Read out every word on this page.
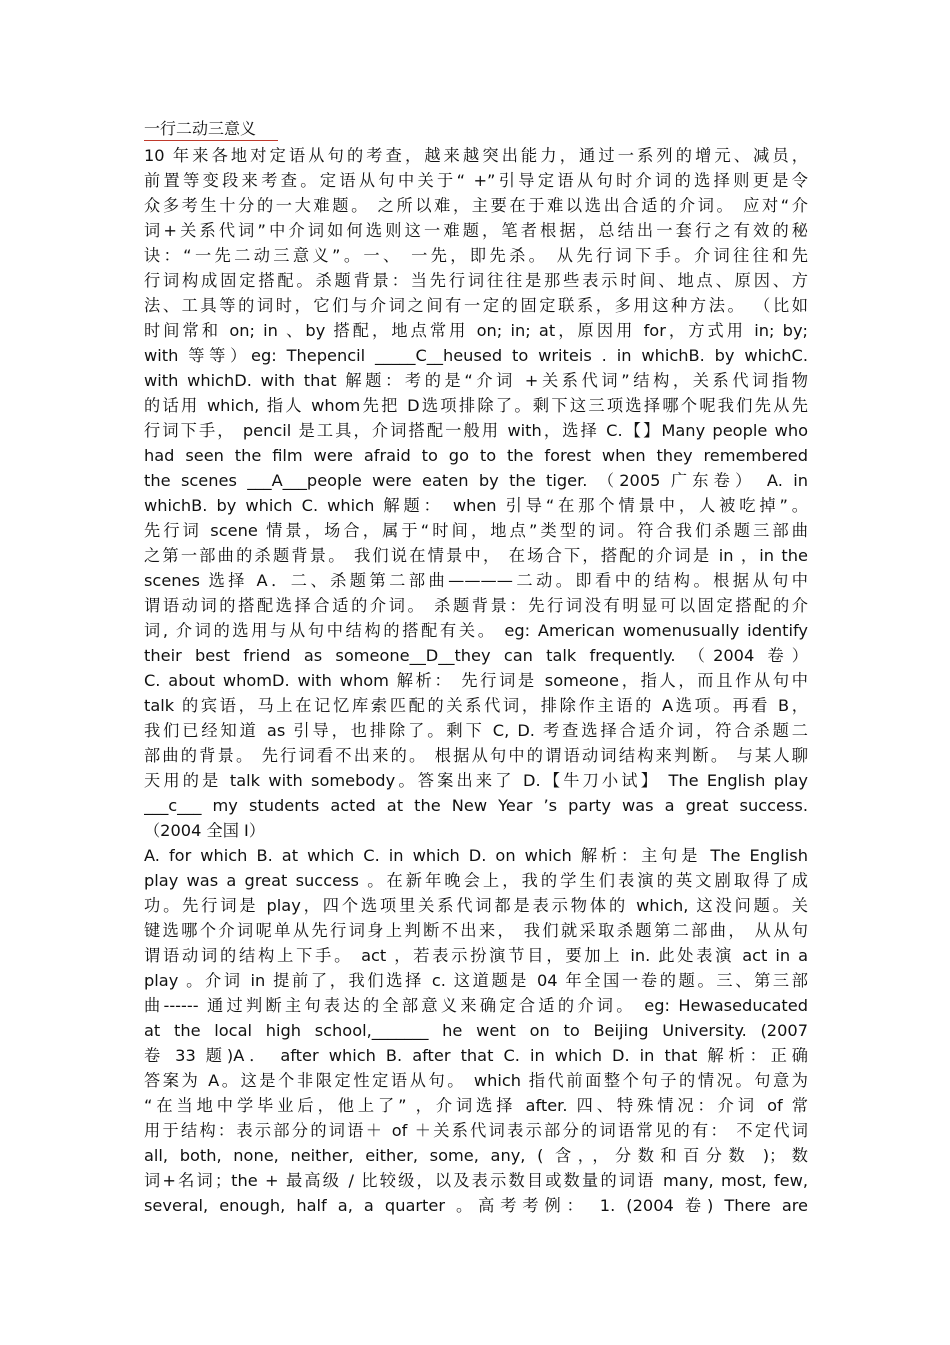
一行二动三意义
10 年来各地对定语从句的考查，越来越突出能力，通过一系列的增元、减员，
前置等变段来考查。定语从句中关于“ +”引导定语从句时介词的选择则更是令
众多考生十分的一大难题。 之所以难，主要在于难以选出合适的介词。 应对“介
词+关系代词”中介词如何选则这一难题，笔者根据，总结出一套行之有效的秘
诀：“一先二动三意义”。一、 一先，即先杀。 从先行词下手。介词往往和先
行词构成固定搭配。杀题背景：当先行词往往是那些表示时间、地点、原因、方
法、工具等的词时，它们与介词之间有一定的固定联系，多用这种方法。 （比如
时间常和 on; in 、by 搭配，地点常用 on; in; at，原因用 for，方式用 in; by;
with 等等）eg: Thepencil _____C__heused to writeis . in whichB. by whichC.
with whichD. with that 解题：考的是“介词 +关系代词”结构，关系代词指物
的话用 which, 指人 whom先把 D选项排除了。剩下这三项选择哪个呢我们先从先
行词下手， pencil 是工具，介词搭配一般用 with，选择 C.【】Many people who
had seen the film were afraid to go to the forest when they remembered
the scenes ___A___people were eaten by the tiger. （2005 广东卷） A. in
whichB. by which C. which 解题： when 引导“在那个情景中，人被吃掉”。
先行词 scene 情景，场合，属于“时间，地点”类型的词。符合我们杀题三部曲
之第一部曲的杀题背景。 我们说在情景中， 在场合下，搭配的介词是 in ，in the
scenes 选择 A．二、杀题第二部曲————二动。即看中的结构。根据从句中
谓语动词的搭配选择合适的介词。 杀题背景：先行词没有明显可以固定搭配的介
词, 介词的选用与从句中结构的搭配有关。 eg: American womenusually identify
their best friend as someone__D__they can talk frequently. （2004 卷）
C. about whomD. with whom 解析： 先行词是 someone，指人，而且作从句中
talk 的宾语，马上在记忆库索匹配的关系代词，排除作主语的 A选项。再看 B，
我们已经知道 as 引导，也排除了。剩下 C, D. 考查选择合适介词，符合杀题二
部曲的背景。 先行词看不出来的。 根据从句中的谓语动词结构来判断。 与某人聊
天用的是 talk with somebody。答案出来了 D.【牛刀小试】 The English play
___c___ my students acted at the New Year ’s party was a great success.
（2004 全国 I）
A. for which B. at which C. in which D. on which 解析：主句是 The English
play was a great success 。在新年晚会上，我的学生们表演的英文剧取得了成
功。先行词是 play，四个选项里关系代词都是表示物体的 which, 这没问题。关
键选哪个介词呢单从先行词身上判断不出来， 我们就采取杀题第二部曲， 从从句
谓语动词的结构上下手。 act ，若表示扮演节目，要加上 in. 此处表演 act in a
play 。介词 in 提前了，我们选择 c. 这道题是 04 年全国一卷的题。三、第三部
曲------ 通过判断主句表达的全部意义来确定合适的介词。 eg: Hewaseducated
at the local high school,_______ he went on to Beijing University. (2007
卷 33 题)A． after which B. after that C. in which D. in that 解析：正确
答案为 A。这是个非限定性定语从句。 which 指代前面整个句子的情况。句意为
“在当地中学毕业后，他上了” ，介词选择 after. 四、特殊情况：介词 of 常
用于结构：表示部分的词语＋ of ＋关系代词表示部分的词语常见的有： 不定代词
all, both, none, neither, either, some, any, ( 含，，分数和百分数 )；数
词+名词；the + 最高级 / 比较级，以及表示数目或数量的词语 many, most, few,
several, enough, half a, a quarter 。高考考例： 1. (2004 卷) There are
